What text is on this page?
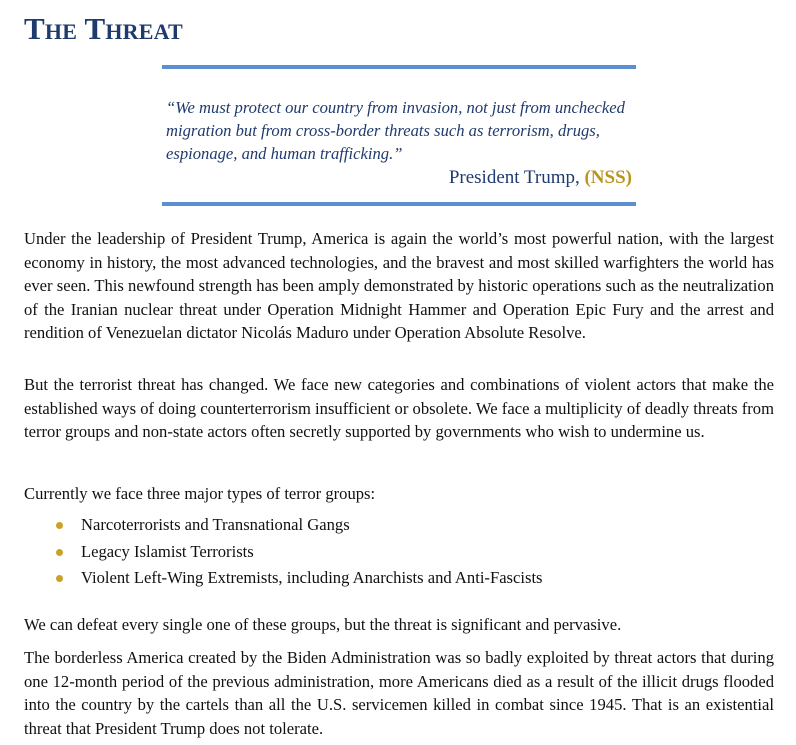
The Threat

“We must protect our country from invasion, not just from unchecked migration but from cross-border threats such as terrorism, drugs, espionage, and human trafficking.”

President Trump, (NSS)

Under the leadership of President Trump, America is again the world’s most powerful nation, with the largest economy in history, the most advanced technologies, and the bravest and most skilled warfighters the world has ever seen. This newfound strength has been amply demonstrated by historic operations such as the neutralization of the Iranian nuclear threat under Operation Midnight Hammer and Operation Epic Fury and the arrest and rendition of Venezuelan dictator Nicolás Maduro under Operation Absolute Resolve.

But the terrorist threat has changed. We face new categories and combinations of violent actors that make the established ways of doing counterterrorism insufficient or obsolete. We face a multiplicity of deadly threats from terror groups and non-state actors often secretly supported by governments who wish to undermine us.

Currently we face three major types of terror groups:

Narcoterrorists and Transnational Gangs
Legacy Islamist Terrorists
Violent Left-Wing Extremists, including Anarchists and Anti-Fascists

We can defeat every single one of these groups, but the threat is significant and pervasive.

The borderless America created by the Biden Administration was so badly exploited by threat actors that during one 12-month period of the previous administration, more Americans died as a result of the illicit drugs flooded into the country by the cartels than all the U.S. servicemen killed in combat since 1945. That is an existential threat that President Trump does not tolerate.
